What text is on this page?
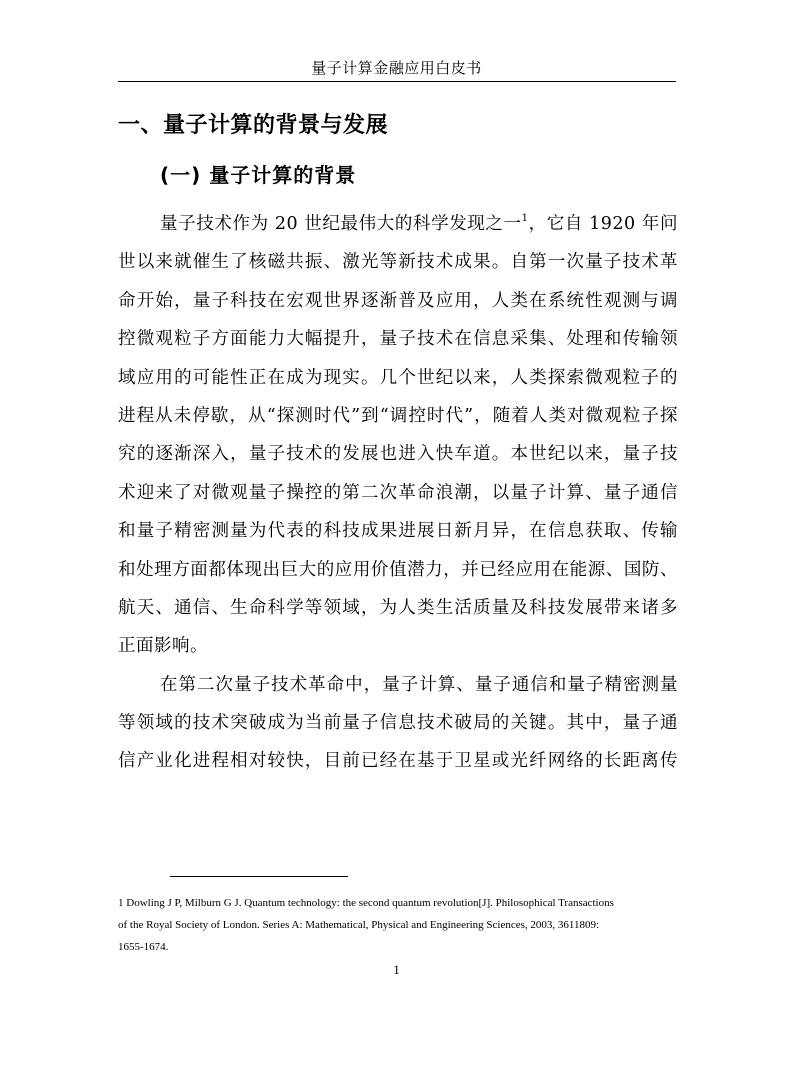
量子计算金融应用白皮书
一、量子计算的背景与发展
(一) 量子计算的背景
量子技术作为 20 世纪最伟大的科学发现之一$^1$，它自 1920 年问
世以来就催生了核磁共振、激光等新技术成果。自第一次量子技术革
命开始，量子科技在宏观世界逐渐普及应用，人类在系统性观测与调
控微观粒子方面能力大幅提升，量子技术在信息采集、处理和传输领
域应用的可能性正在成为现实。几个世纪以来，人类探索微观粒子的
进程从未停歇，从“探测时代”到“调控时代”，随着人类对微观粒子探
究的逐渐深入，量子技术的发展也进入快车道。本世纪以来，量子技
术迎来了对微观量子操控的第二次革命浪潮，以量子计算、量子通信
和量子精密测量为代表的科技成果进展日新月异，在信息获取、传输
和处理方面都体现出巨大的应用价值潜力，并已经应用在能源、国防、
航天、通信、生命科学等领域，为人类生活质量及科技发展带来诸多
正面影响。
在第二次量子技术革命中，量子计算、量子通信和量子精密测量
等领域的技术突破成为当前量子信息技术破局的关键。其中，量子通
信产业化进程相对较快，目前已经在基于卫星或光纤网络的长距离传
1 Dowling J P, Milburn G J. Quantum technology: the second quantum revolution[J]. Philosophical Transactions
of the Royal Society of London. Series A: Mathematical, Physical and Engineering Sciences, 2003, 3611809:
1655-1674.
1
